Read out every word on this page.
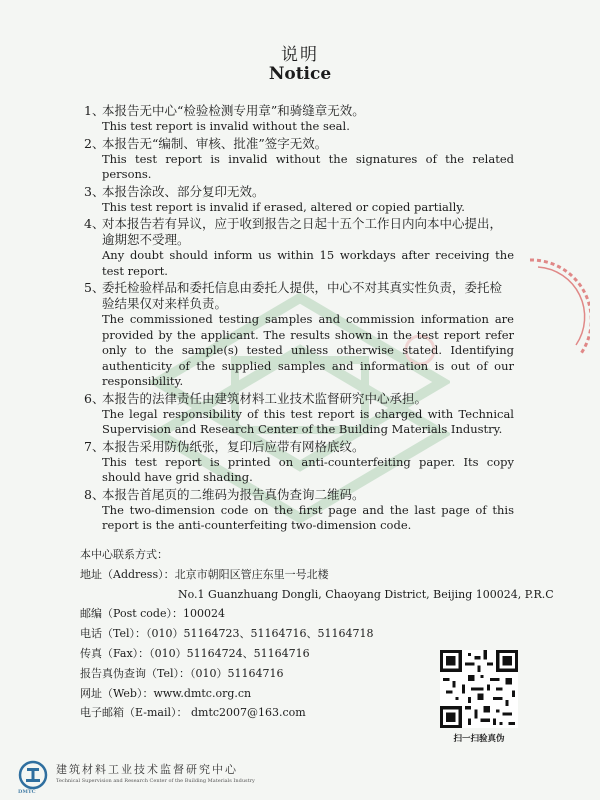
说明
Notice
1、
本报告无中心“检验检测专用章”和骑缝章无效。
This test report is invalid without the seal.
2、
本报告无“编制、审核、批准”签字无效。
This test report is invalid without the signatures of the related persons.
3、
本报告涂改、部分复印无效。
This test report is invalid if erased, altered or copied partially.
4、
对本报告若有异议，应于收到报告之日起十五个工作日内向本中心提出，逾期恕不受理。
Any doubt should inform us within 15 workdays after receiving the test report.
5、
委托检验样品和委托信息由委托人提供，中心不对其真实性负责，委托检验结果仅对来样负责。
The commissioned testing samples and commission information are provided by the applicant. The results shown in the test report refer only to the sample(s) tested unless otherwise stated. Identifying authenticity of the supplied samples and information is out of our responsibility.
6、
本报告的法律责任由建筑材料工业技术监督研究中心承担。
The legal responsibility of this test report is charged with Technical Supervision and Research Center of the Building Materials Industry.
7、
本报告采用防伪纸张，复印后应带有网格底纹。
This test report is printed on anti-counterfeiting paper. Its copy should have grid shading.
8、
本报告首尾页的二维码为报告真伪查询二维码。
The two-dimension code on the first page and the last page of this report is the anti-counterfeiting two-dimension code.
本中心联系方式：
地址（Address）：北京市朝阳区管庄东里一号北楼
No.1 Guanzhuang Dongli, Chaoyang District, Beijing 100024, P.R.C
邮编（Post code）：100024
电话（Tel）：（010）51164723、51164716、51164718
传真（Fax）：（010）51164724、51164716
报告真伪查询（Tel）：（010）51164716
网址（Web）：www.dmtc.org.cn
电子邮箱（E-mail）： dmtc2007@163.com
扫一扫验真伪
DMTC
建筑材料工业技术监督研究中心
Technical Supervision and Research Center of the Building Materials Industry
